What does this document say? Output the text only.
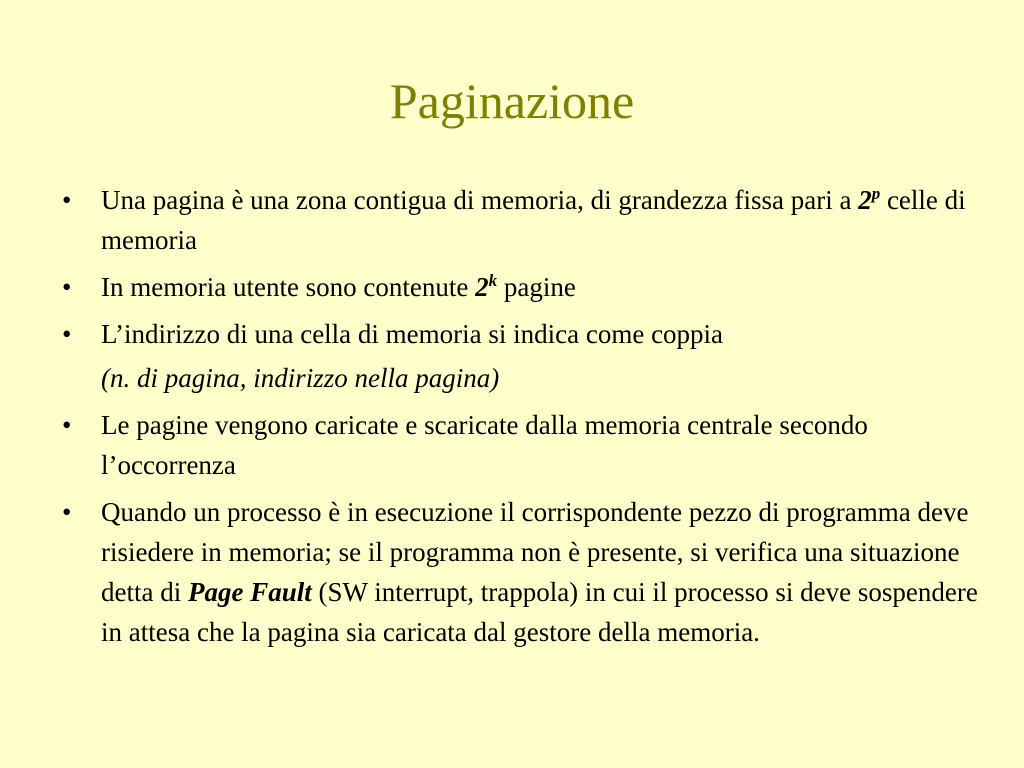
Paginazione
• Una pagina è una zona contigua di memoria, di grandezza fissa pari a 2$^p$ celle di memoria
• In memoria utente sono contenute 2$^k$ pagine
• L’indirizzo di una cella di memoria si indica come coppia
(n. di pagina, indirizzo nella pagina)
• Le pagine vengono caricate e scaricate dalla memoria centrale secondo l’occorrenza
• Quando un processo è in esecuzione il corrispondente pezzo di programma deve risiedere in memoria; se il programma non è presente, si verifica una situazione detta di Page Fault (SW interrupt, trappola) in cui il processo si deve sospendere in attesa che la pagina sia caricata dal gestore della memoria.
